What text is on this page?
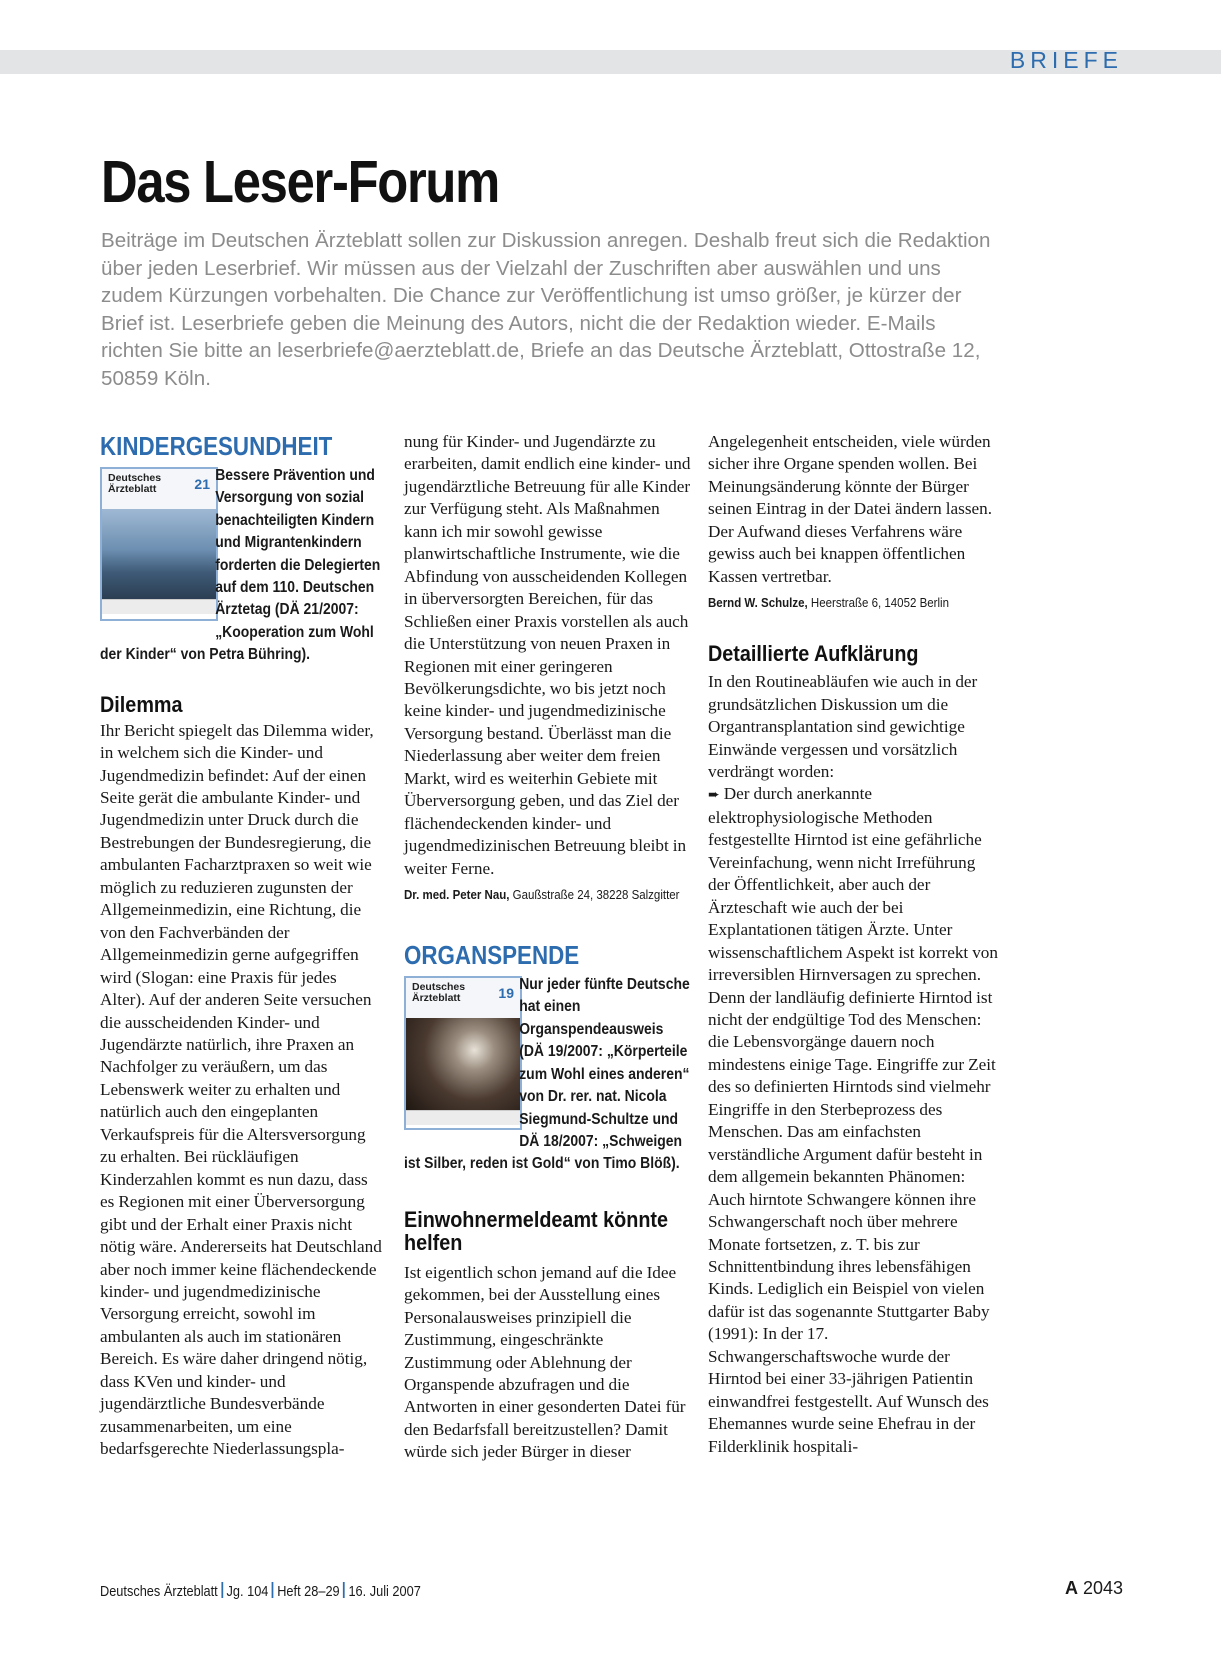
BRIEFE
Das Leser-Forum

Beiträge im Deutschen Ärzteblatt sollen zur Diskussion anregen. Deshalb freut sich die Redaktion über jeden Leserbrief. Wir müssen aus der Vielzahl der Zuschriften aber auswählen und uns zudem Kürzungen vorbehalten. Die Chance zur Veröffentlichung ist umso größer, je kürzer der Brief ist. Leserbriefe geben die Meinung des Autors, nicht die der Redaktion wieder. E-Mails richten Sie bitte an leserbriefe@aerzteblatt.de, Briefe an das Deutsche Ärzteblatt, Ottostraße 12, 50859 Köln.

KINDERGESUNDHEIT
Deutsches
Ärzteblatt	21 Bessere Prävention und Versorgung von sozial benachteiligten Kindern und Migrantenkindern forderten die Delegierten auf dem 110. Deutschen Ärztetag (DÄ 21/2007: „Kooperation zum Wohl der Kinder“ von Petra Bühring).

Dilemma

Ihr Bericht spiegelt das Dilemma wider, in welchem sich die Kinder- und Jugendmedizin befindet: Auf der einen Seite gerät die ambulante Kinder- und Jugendmedizin unter Druck durch die Bestrebungen der Bundesregierung, die ambulanten Facharztpraxen so weit wie möglich zu reduzieren zugunsten der Allgemeinmedizin, eine Richtung, die von den Fachverbänden der Allgemeinmedizin gerne aufgegriffen wird (Slogan: eine Praxis für jedes Alter). Auf der anderen Seite versuchen die ausscheidenden Kinder- und Jugendärzte natürlich, ihre Praxen an Nachfolger zu veräußern, um das Lebenswerk weiter zu erhalten und natürlich auch den eingeplanten Verkaufspreis für die Altersversorgung zu erhalten. Bei rückläufigen Kinderzahlen kommt es nun dazu, dass es Regionen mit einer Überversorgung gibt und der Erhalt einer Praxis nicht nötig wäre. Andererseits hat Deutschland aber noch immer keine flächendeckende kinder- und jugendmedizinische Versorgung erreicht, sowohl im ambulanten als auch im stationären Bereich. Es wäre daher dringend nötig, dass KVen und kinder- und jugendärztliche Bundesverbände zusammenarbeiten, um eine bedarfsgerechte Niederlassungspla-

nung für Kinder- und Jugendärzte zu erarbeiten, damit endlich eine kinder- und jugendärztliche Betreuung für alle Kinder zur Verfügung steht. Als Maßnahmen kann ich mir sowohl gewisse planwirtschaftliche Instrumente, wie die Abfindung von ausscheidenden Kollegen in überversorgten Bereichen, für das Schließen einer Praxis vorstellen als auch die Unterstützung von neuen Praxen in Regionen mit einer geringeren Bevölkerungsdichte, wo bis jetzt noch keine kinder- und jugendmedizinische Versorgung bestand. Überlässt man die Niederlassung aber weiter dem freien Markt, wird es weiterhin Gebiete mit Überversorgung geben, und das Ziel der flächendeckenden kinder- und jugendmedizinischen Betreuung bleibt in weiter Ferne.

Dr. med. Peter Nau, Gaußstraße 24, 38228 Salzgitter

ORGANSPENDE
Deutsches
Ärzteblatt	19 Nur jeder fünfte Deutsche hat einen Organspendeausweis (DÄ 19/2007: „Körperteile zum Wohl eines anderen“ von Dr. rer. nat. Nicola Siegmund-Schultze und DÄ 18/2007: „Schweigen ist Silber, reden ist Gold“ von Timo Blöß).

Einwohnermeldeamt könnte helfen

Ist eigentlich schon jemand auf die Idee gekommen, bei der Ausstellung eines Personalausweises prinzipiell die Zustimmung, eingeschränkte Zustimmung oder Ablehnung der Organspende abzufragen und die Antworten in einer gesonderten Datei für den Bedarfsfall bereitzustellen? Damit würde sich jeder Bürger in dieser

Angelegenheit entscheiden, viele würden sicher ihre Organe spenden wollen. Bei Meinungsänderung könnte der Bürger seinen Eintrag in der Datei ändern lassen. Der Aufwand dieses Verfahrens wäre gewiss auch bei knappen öffentlichen Kassen vertretbar.

Bernd W. Schulze, Heerstraße 6, 14052 Berlin

Detaillierte Aufklärung

In den Routineabläufen wie auch in der grundsätzlichen Diskussion um die Organtransplantation sind gewichtige Einwände vergessen und vorsätzlich verdrängt worden:

➨ Der durch anerkannte elektrophysiologische Methoden festgestellte Hirntod ist eine gefährliche Vereinfachung, wenn nicht Irreführung der Öffentlichkeit, aber auch der Ärzteschaft wie auch der bei Explantationen tätigen Ärzte. Unter wissenschaftlichem Aspekt ist korrekt von irreversiblen Hirnversagen zu sprechen. Denn der landläufig definierte Hirntod ist nicht der endgültige Tod des Menschen: die Lebensvorgänge dauern noch mindestens einige Tage. Eingriffe zur Zeit des so definierten Hirntods sind vielmehr Eingriffe in den Sterbeprozess des Menschen. Das am einfachsten verständliche Argument dafür besteht in dem allgemein bekannten Phänomen: Auch hirntote Schwangere können ihre Schwangerschaft noch über mehrere Monate fortsetzen, z. T. bis zur Schnittentbindung ihres lebensfähigen Kinds. Lediglich ein Beispiel von vielen dafür ist das sogenannte Stuttgarter Baby (1991): In der 17. Schwangerschaftswoche wurde der Hirntod bei einer 33-jährigen Patientin einwandfrei festgestellt. Auf Wunsch des Ehemannes wurde seine Ehefrau in der Filderklinik hospitali-

Deutsches Ärzteblatt Jg. 104 Heft 28–29 16. Juli 2007	A 2043
